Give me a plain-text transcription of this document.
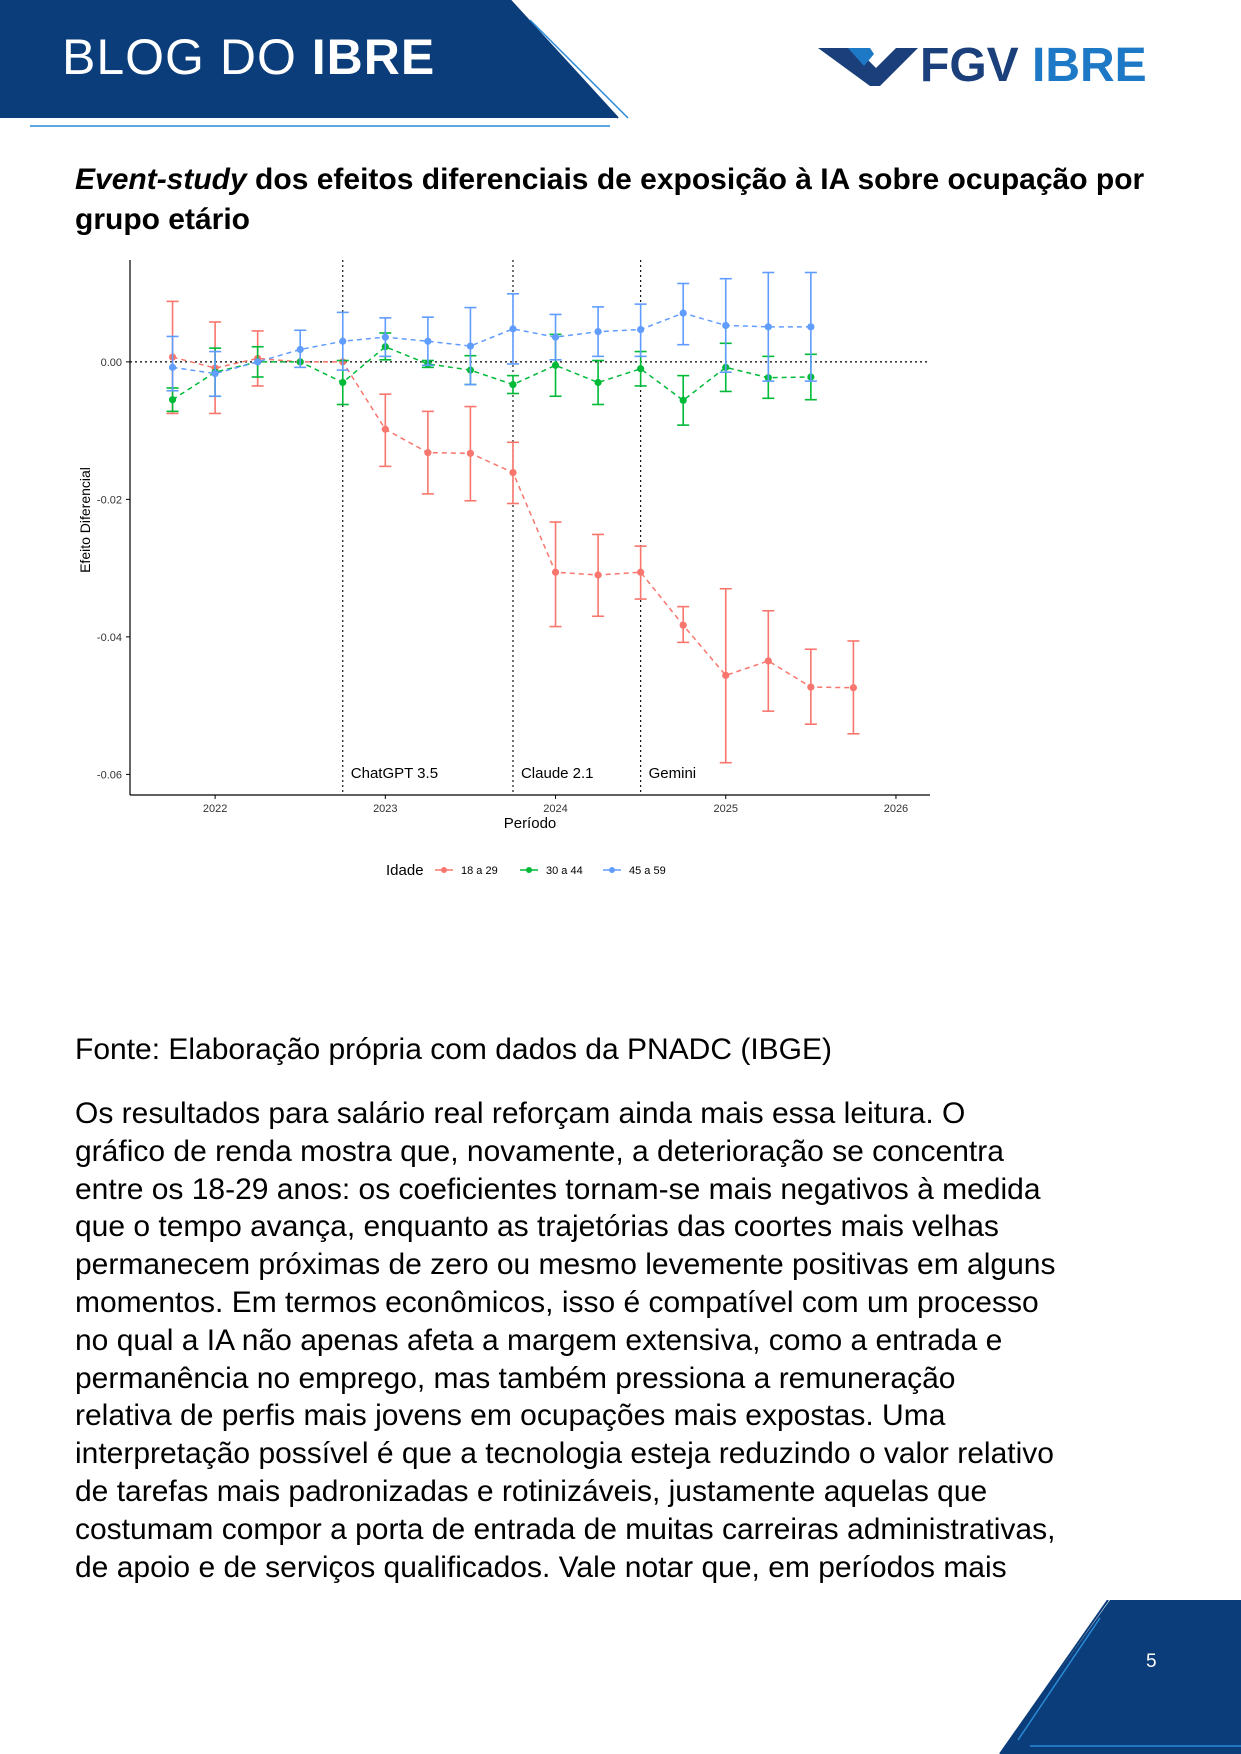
BLOG DO IBRE	FGV IBRE
Event-study dos efeitos diferenciais de exposição à IA sobre ocupação por grupo etário
ChatGPT 3.5	Claude 2.1	Gemini
0.00
-0.02
-0.04
-0.06
2022	2023	2024	2025	2026
Período
Efeito Diferencial
Idade	18 a 29	30 a 44	45 a 59
Fonte: Elaboração própria com dados da PNADC (IBGE)
Os resultados para salário real reforçam ainda mais essa leitura. O
gráfico de renda mostra que, novamente, a deterioração se concentra
entre os 18-29 anos: os coeficientes tornam-se mais negativos à medida
que o tempo avança, enquanto as trajetórias das coortes mais velhas
permanecem próximas de zero ou mesmo levemente positivas em alguns
momentos. Em termos econômicos, isso é compatível com um processo
no qual a IA não apenas afeta a margem extensiva, como a entrada e
permanência no emprego, mas também pressiona a remuneração
relativa de perfis mais jovens em ocupações mais expostas. Uma
interpretação possível é que a tecnologia esteja reduzindo o valor relativo
de tarefas mais padronizadas e rotinizáveis, justamente aquelas que
costumam compor a porta de entrada de muitas carreiras administrativas,
de apoio e de serviços qualificados. Vale notar que, em períodos mais
5
